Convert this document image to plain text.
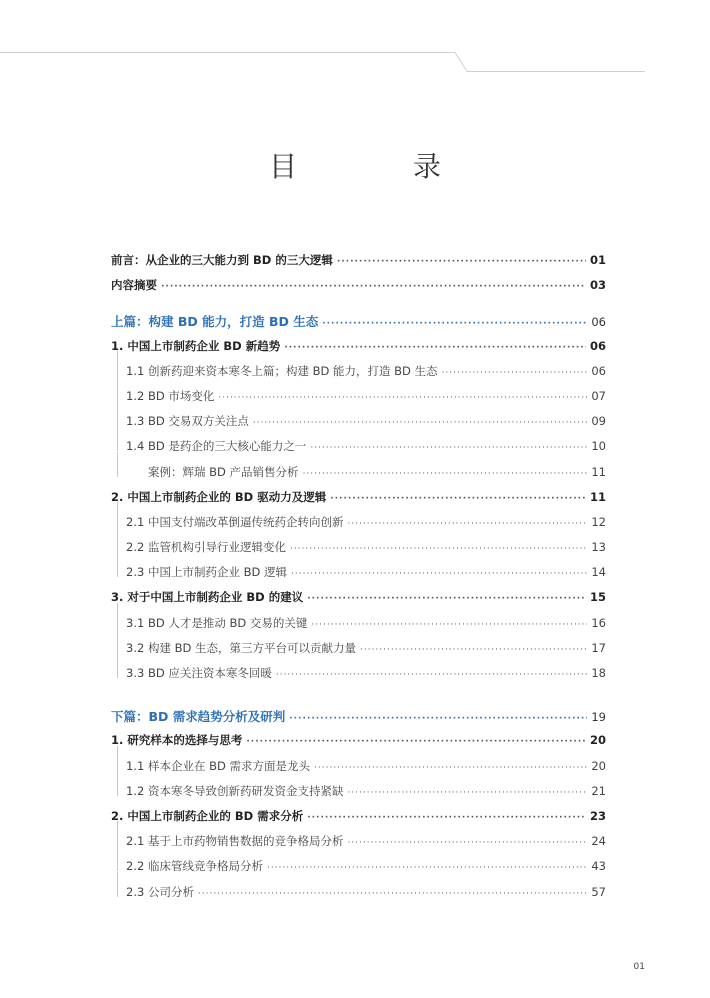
目　录
前言：从企业的三大能力到 BD 的三大逻辑 ·····	01
内容摘要 ·····	03
上篇：构建 BD 能力，打造 BD 生态 ·····	06
1. 中国上市制药企业 BD 新趋势 ·····	06
1.1 创新药迎来资本寒冬上篇；构建 BD 能力，打造 BD 生态 ·····	06
1.2 BD 市场变化 ·····	07
1.3 BD 交易双方关注点 ·····	09
1.4 BD 是药企的三大核心能力之一 ·····	10
案例：辉瑞 BD 产品销售分析 ·····	11
2. 中国上市制药企业的 BD 驱动力及逻辑 ·····	11
2.1 中国支付端改革倒逼传统药企转向创新 ·····	12
2.2 监管机构引导行业逻辑变化 ·····	13
2.3 中国上市制药企业 BD 逻辑 ·····	14
3. 对于中国上市制药企业 BD 的建议 ·····	15
3.1 BD 人才是推动 BD 交易的关键 ·····	16
3.2 构建 BD 生态，第三方平台可以贡献力量 ·····	17
3.3 BD 应关注资本寒冬回暖 ·····	18
下篇：BD 需求趋势分析及研判 ·····	19
1. 研究样本的选择与思考 ·····	20
1.1 样本企业在 BD 需求方面是龙头 ·····	20
1.2 资本寒冬导致创新药研发资金支持紧缺 ·····	21
2. 中国上市制药企业的 BD 需求分析 ·····	23
2.1 基于上市药物销售数据的竞争格局分析 ·····	24
2.2 临床管线竞争格局分析 ·····	43
2.3 公司分析 ·····	57
01
